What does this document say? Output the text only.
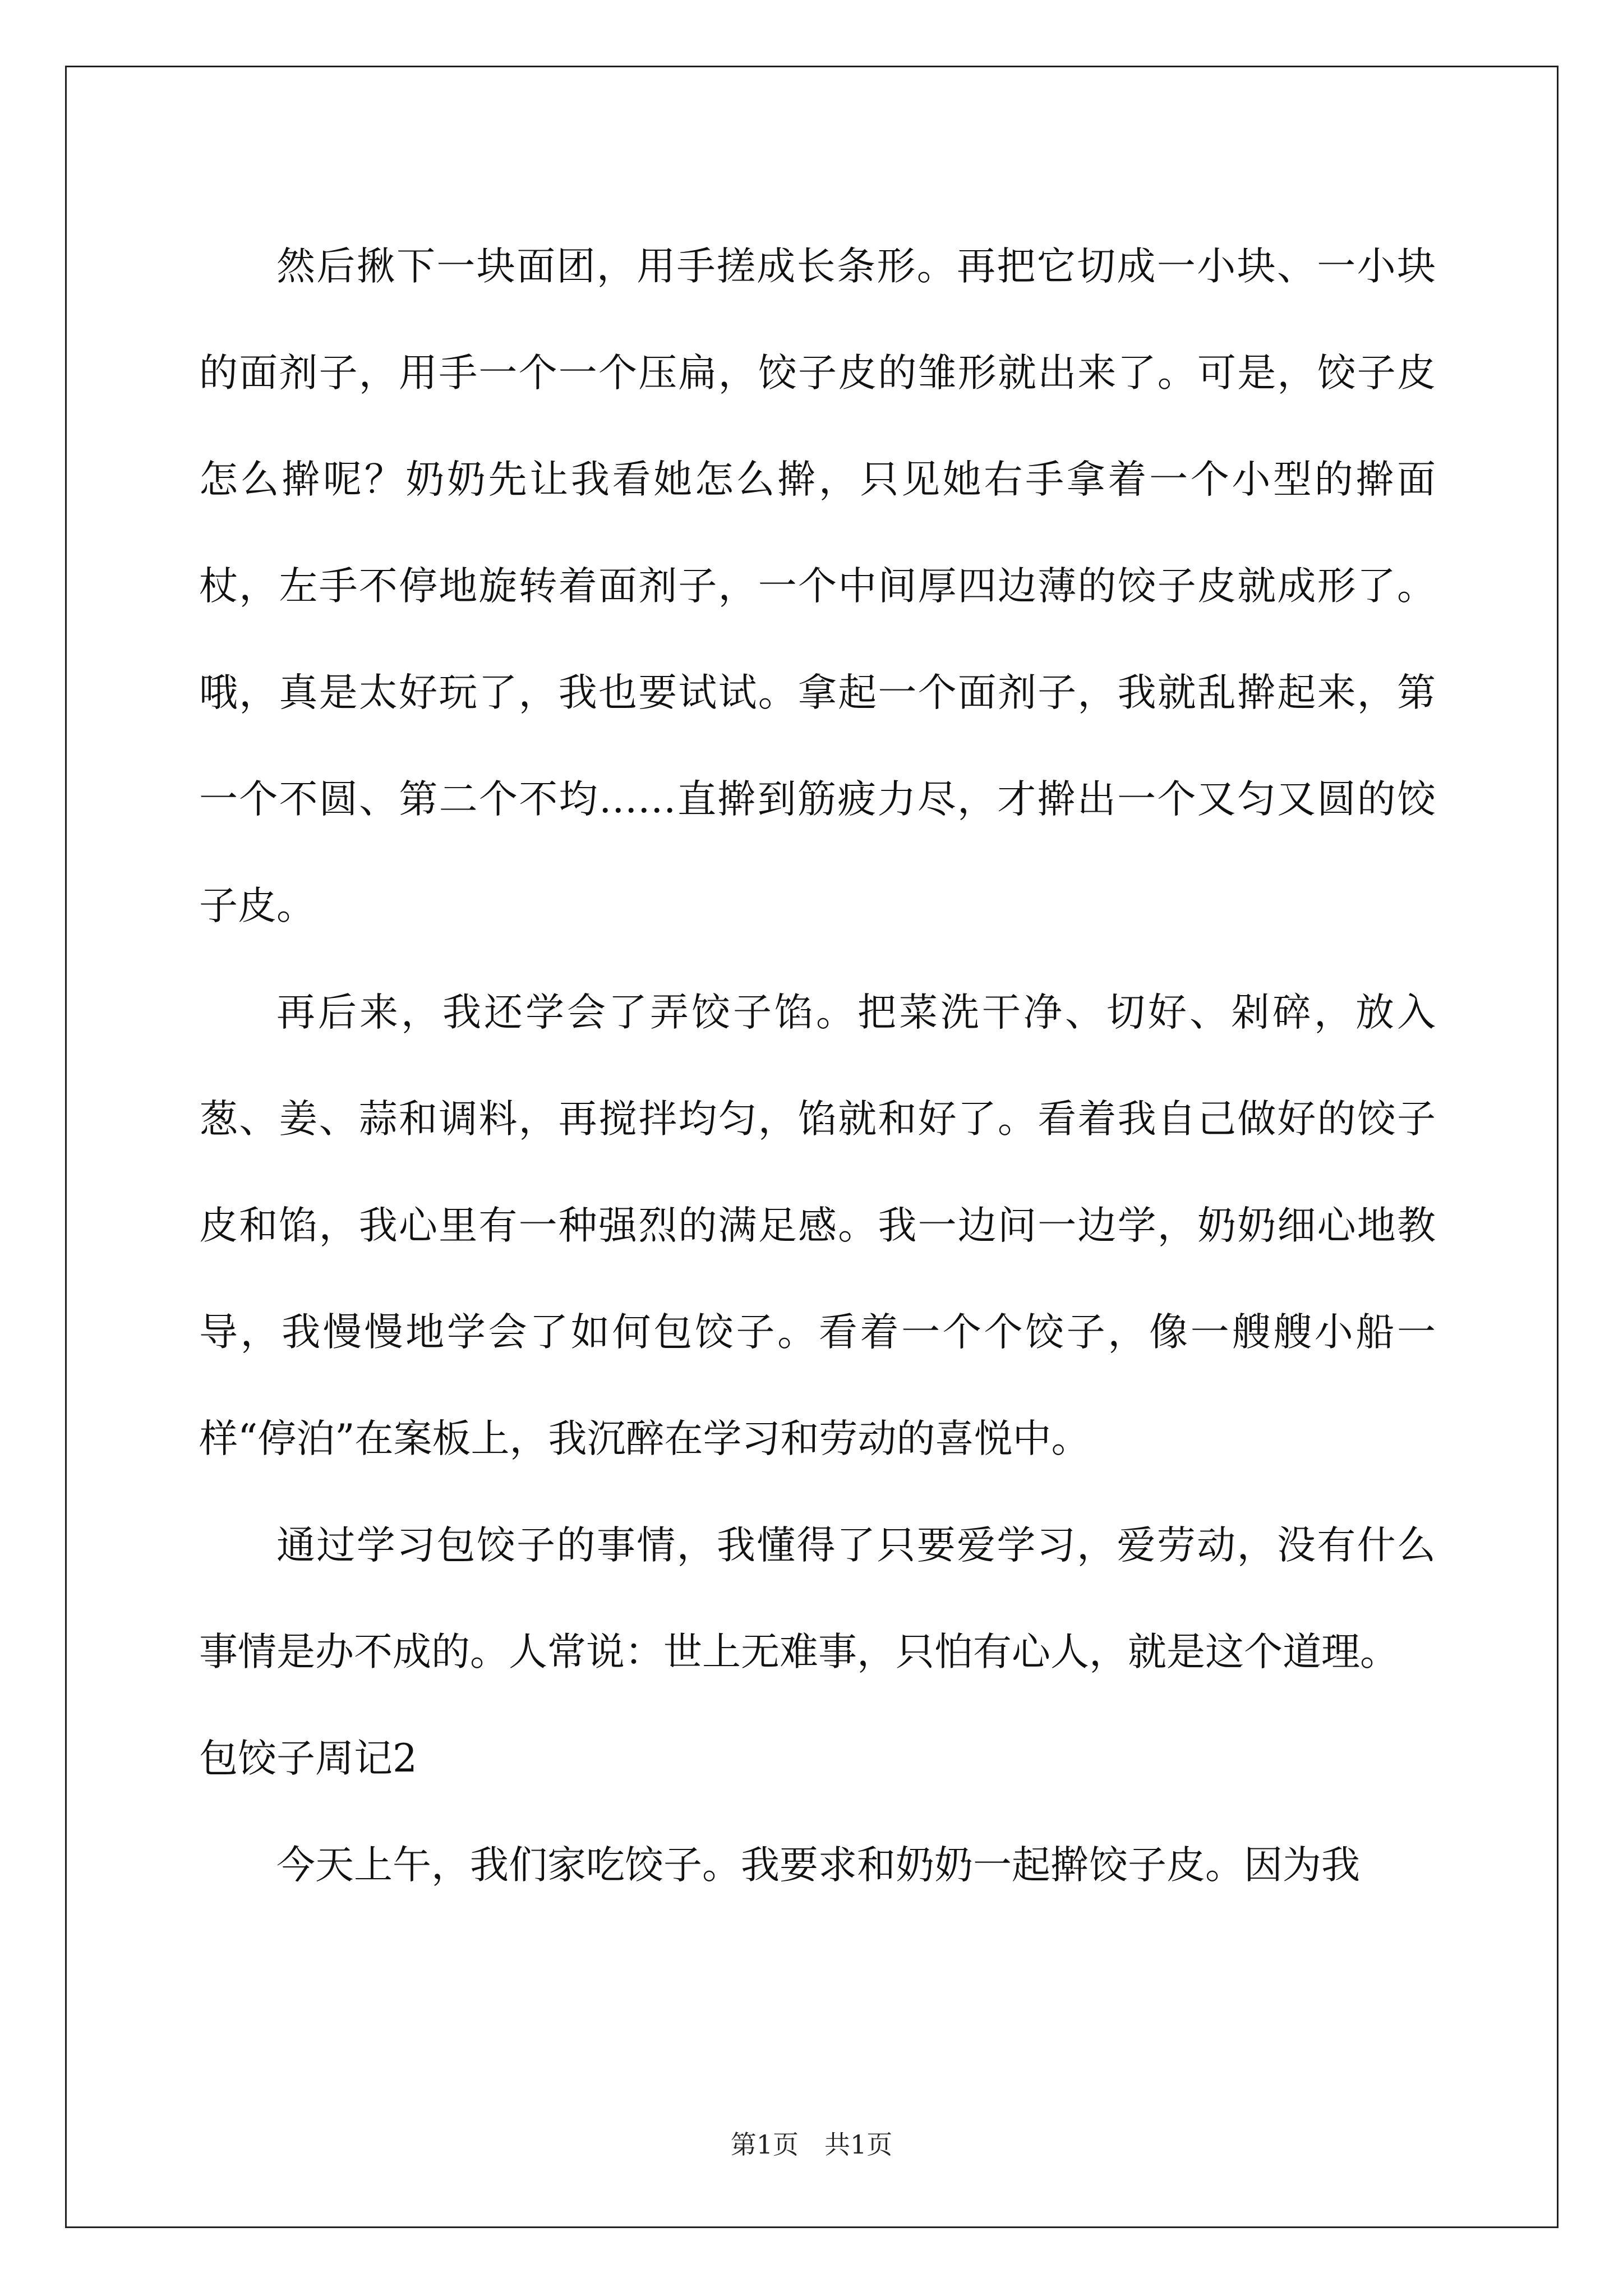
然后揪下一块面团，用手搓成长条形。再把它切成一小块、一小块的面剂子，用手一个一个压扁，饺子皮的雏形就出来了。可是，饺子皮怎么擀呢？奶奶先让我看她怎么擀，只见她右手拿着一个小型的擀面杖，左手不停地旋转着面剂子，一个中间厚四边薄的饺子皮就成形了。哦，真是太好玩了，我也要试试。拿起一个面剂子，我就乱擀起来，第一个不圆、第二个不均……直擀到筋疲力尽，才擀出一个又匀又圆的饺子皮。

再后来，我还学会了弄饺子馅。把菜洗干净、切好、剁碎，放入葱、姜、蒜和调料，再搅拌均匀，馅就和好了。看着我自己做好的饺子皮和馅，我心里有一种强烈的满足感。我一边问一边学，奶奶细心地教导，我慢慢地学会了如何包饺子。看着一个个饺子，像一艘艘小船一样“停泊”在案板上，我沉醉在学习和劳动的喜悦中。

通过学习包饺子的事情，我懂得了只要爱学习，爱劳动，没有什么事情是办不成的。人常说：世上无难事，只怕有心人，就是这个道理。

包饺子周记2

今天上午，我们家吃饺子。我要求和奶奶一起擀饺子皮。因为我

第1页　共1页
